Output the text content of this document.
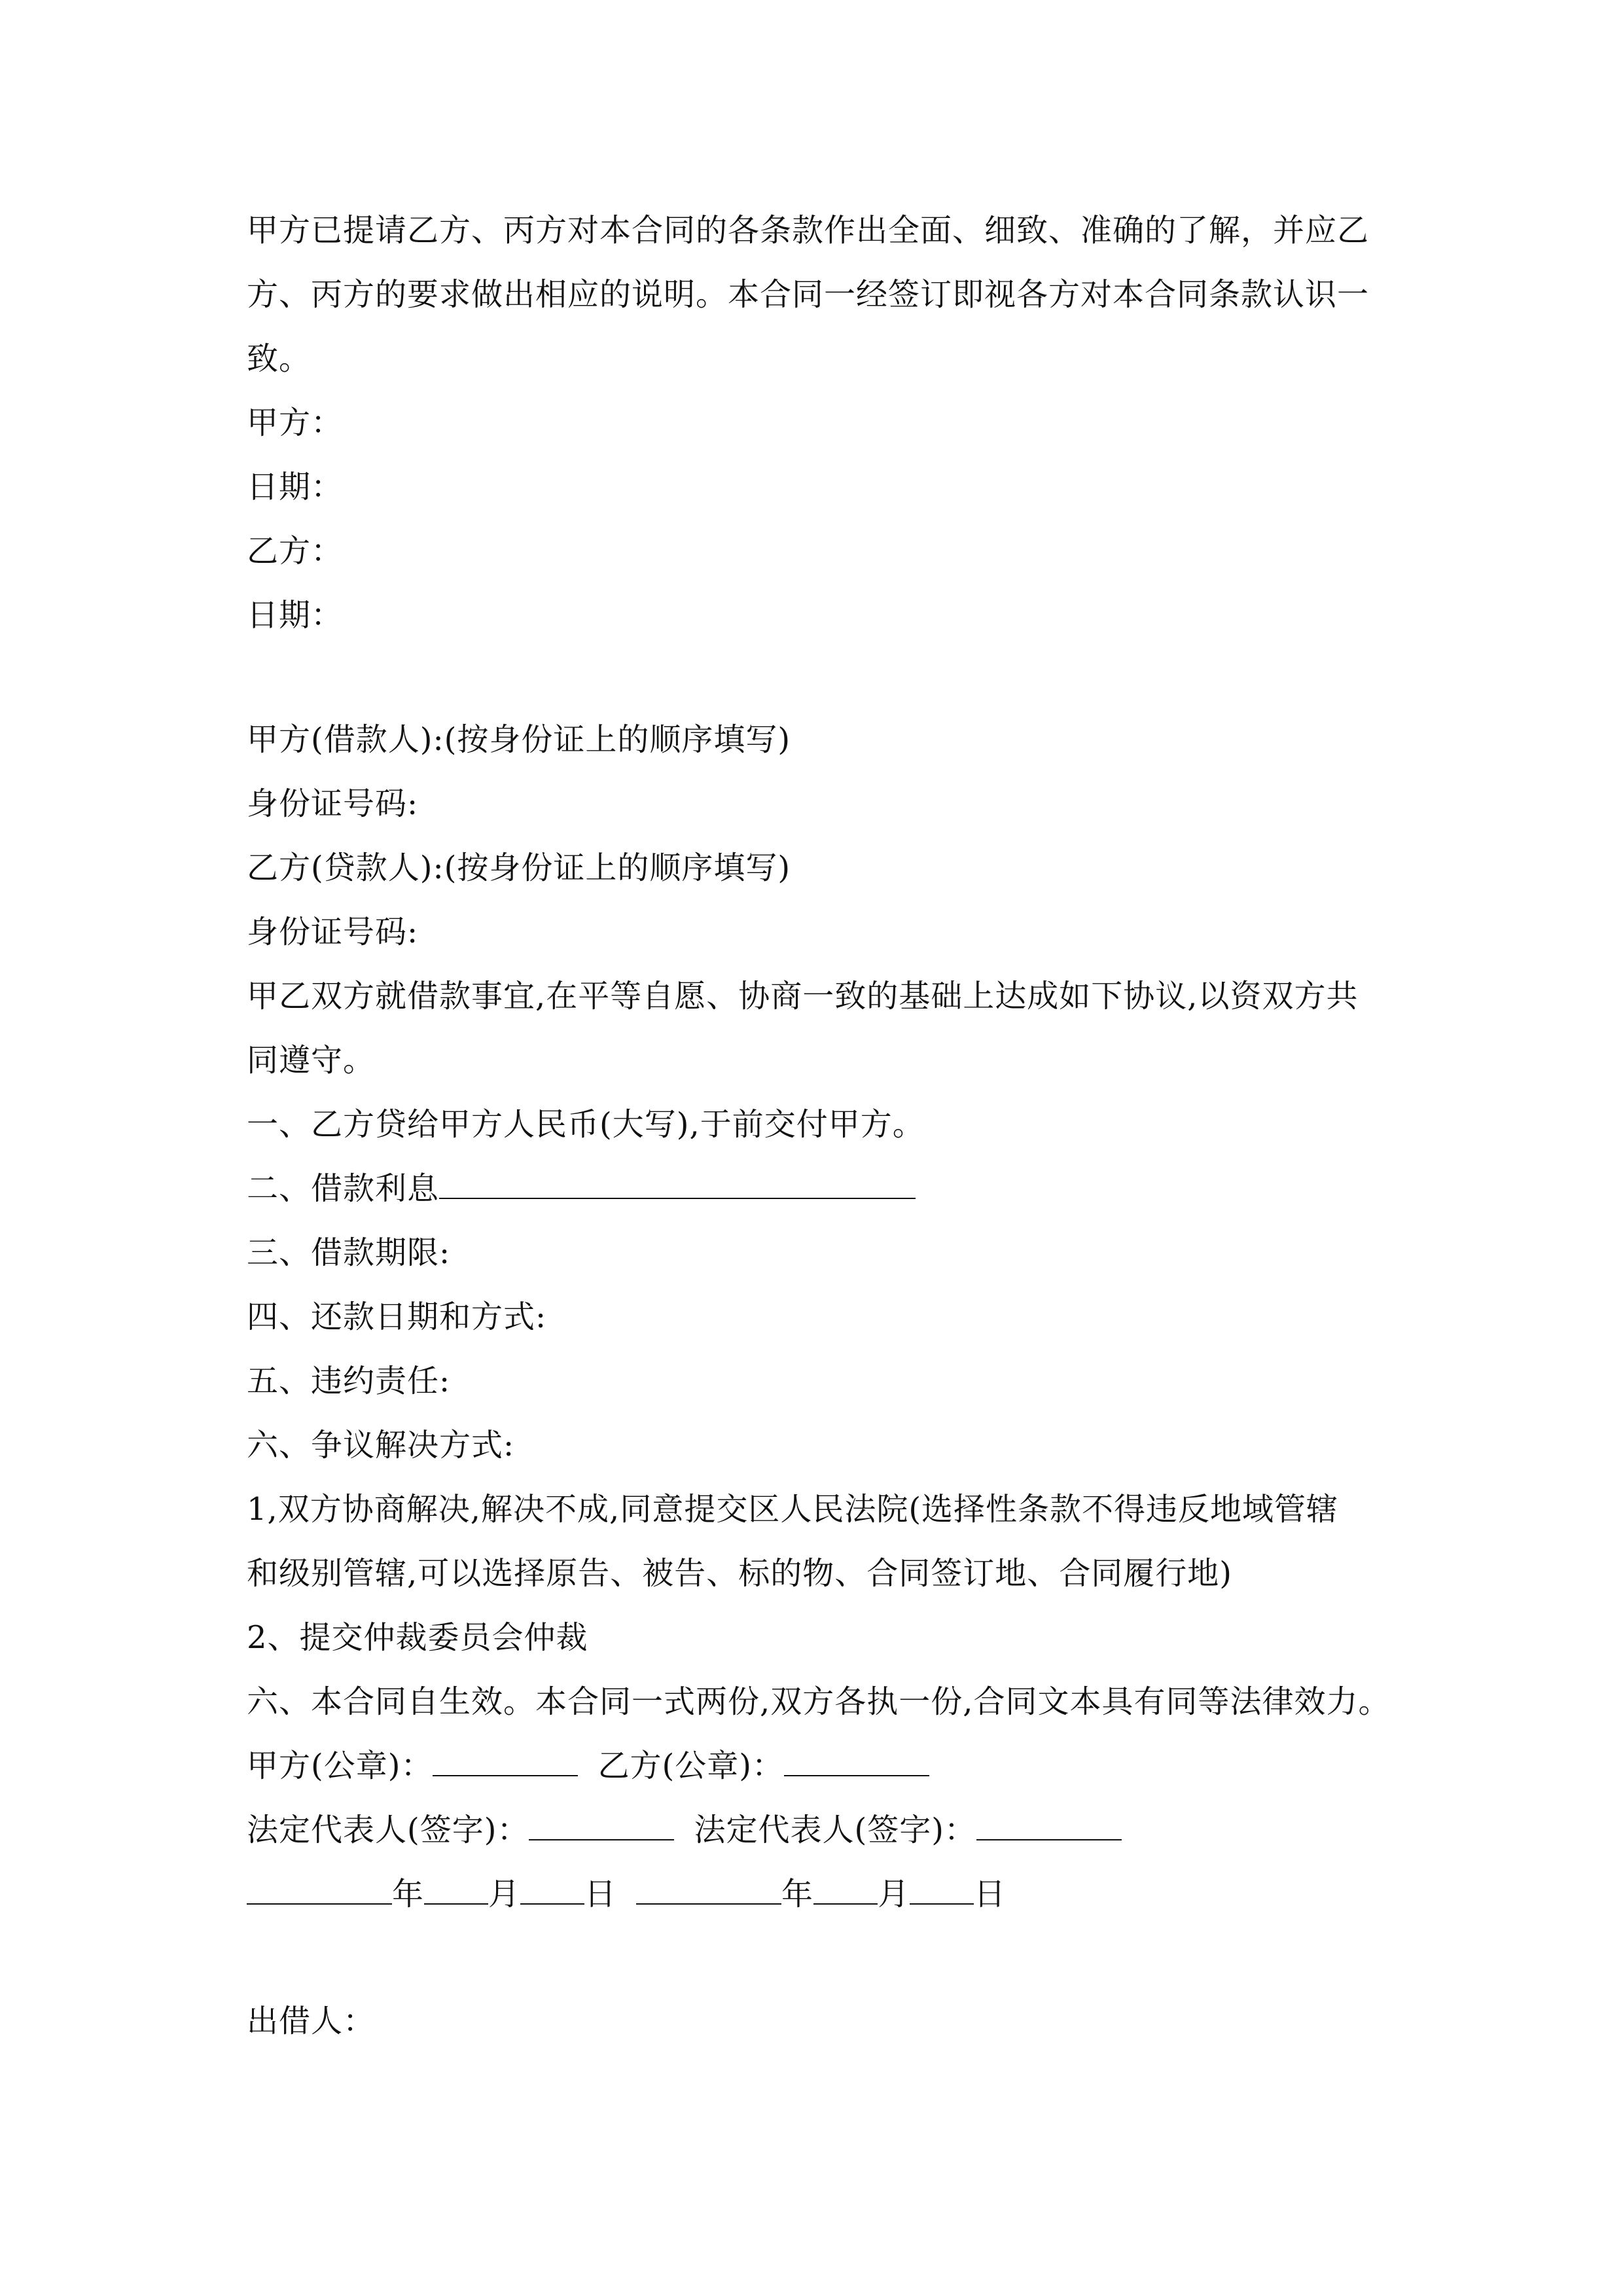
甲方已提请乙方、丙方对本合同的各条款作出全面、细致、准确的了解，并应乙
方、丙方的要求做出相应的说明。本合同一经签订即视各方对本合同条款认识一
致。
甲方：
日期：
乙方：
日期：
甲方(借款人):(按身份证上的顺序填写)
身份证号码:
乙方(贷款人):(按身份证上的顺序填写)
身份证号码:
甲乙双方就借款事宜,在平等自愿、协商一致的基础上达成如下协议,以资双方共
同遵守。
一、乙方贷给甲方人民币(大写),于前交付甲方。
二、借款利息
三、借款期限:
四、还款日期和方式:
五、违约责任:
六、争议解决方式:
1,双方协商解决,解决不成,同意提交区人民法院(选择性条款不得违反地域管辖
和级别管辖,可以选择原告、被告、标的物、合同签订地、合同履行地)
2、提交仲裁委员会仲裁
六、本合同自生效。本合同一式两份,双方各执一份,合同文本具有同等法律效力。
甲方(公章)：	乙方(公章)：
法定代表人(签字)：	法定代表人(签字)：
年 月 日	年 月 日
出借人：
